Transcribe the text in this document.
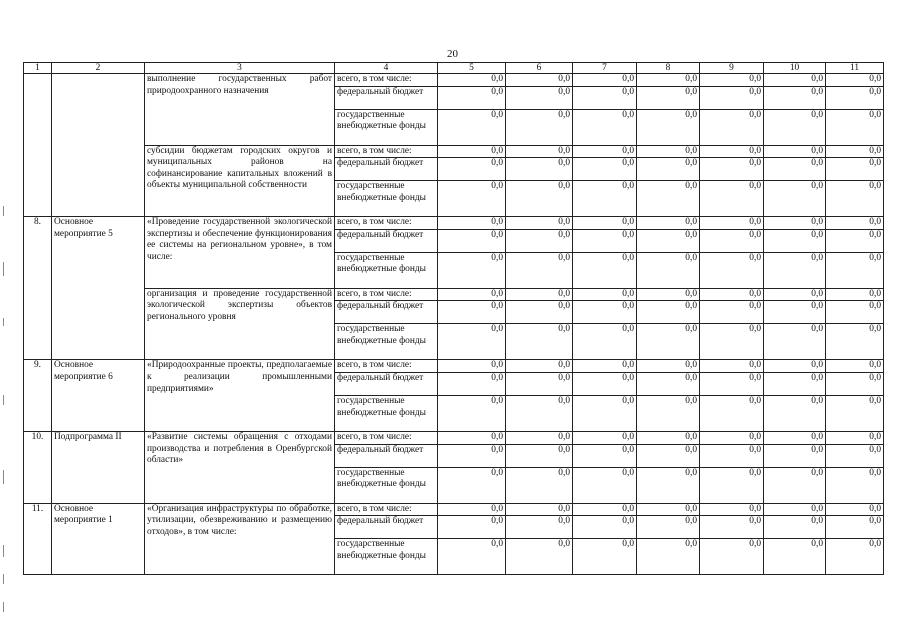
20
1	2	3	4	5	6	7	8	9	10	11
		выполнение государственных работ природоохранного назначения	всего, в том числе:	0,0	0,0	0,0	0,0	0,0	0,0	0,0
			федеральный бюджет	0,0	0,0	0,0	0,0	0,0	0,0	0,0
			государственные внебюджетные фонды	0,0	0,0	0,0	0,0	0,0	0,0	0,0
		субсидии бюджетам городских округов и муниципальных районов на софинансирование капитальных вложений в объекты муниципальной собственности	всего, в том числе:	0,0	0,0	0,0	0,0	0,0	0,0	0,0
			федеральный бюджет	0,0	0,0	0,0	0,0	0,0	0,0	0,0
			государственные внебюджетные фонды	0,0	0,0	0,0	0,0	0,0	0,0	0,0
8.	Основное мероприятие 5	«Проведение государственной экологической экспертизы и обеспечение функционирования ее системы на региональном уровне», в том числе:	всего, в том числе:	0,0	0,0	0,0	0,0	0,0	0,0	0,0
			федеральный бюджет	0,0	0,0	0,0	0,0	0,0	0,0	0,0
			государственные внебюджетные фонды	0,0	0,0	0,0	0,0	0,0	0,0	0,0
		организация и проведение государственной экологической экспертизы объектов регионального уровня	всего, в том числе:	0,0	0,0	0,0	0,0	0,0	0,0	0,0
			федеральный бюджет	0,0	0,0	0,0	0,0	0,0	0,0	0,0
			государственные внебюджетные фонды	0,0	0,0	0,0	0,0	0,0	0,0	0,0
9.	Основное мероприятие 6	«Природоохранные проекты, предполагаемые к реализации промышленными предприятиями»	всего, в том числе:	0,0	0,0	0,0	0,0	0,0	0,0	0,0
			федеральный бюджет	0,0	0,0	0,0	0,0	0,0	0,0	0,0
			государственные внебюджетные фонды	0,0	0,0	0,0	0,0	0,0	0,0	0,0
10.	Подпрограмма II	«Развитие системы обращения с отходами производства и потребления в Оренбургской области»	всего, в том числе:	0,0	0,0	0,0	0,0	0,0	0,0	0,0
			федеральный бюджет	0,0	0,0	0,0	0,0	0,0	0,0	0,0
			государственные внебюджетные фонды	0,0	0,0	0,0	0,0	0,0	0,0	0,0
11.	Основное мероприятие 1	«Организация инфраструктуры по обработке, утилизации, обезвреживанию и размещению отходов», в том числе:	всего, в том числе:	0,0	0,0	0,0	0,0	0,0	0,0	0,0
			федеральный бюджет	0,0	0,0	0,0	0,0	0,0	0,0	0,0
			государственные внебюджетные фонды	0,0	0,0	0,0	0,0	0,0	0,0	0,0
